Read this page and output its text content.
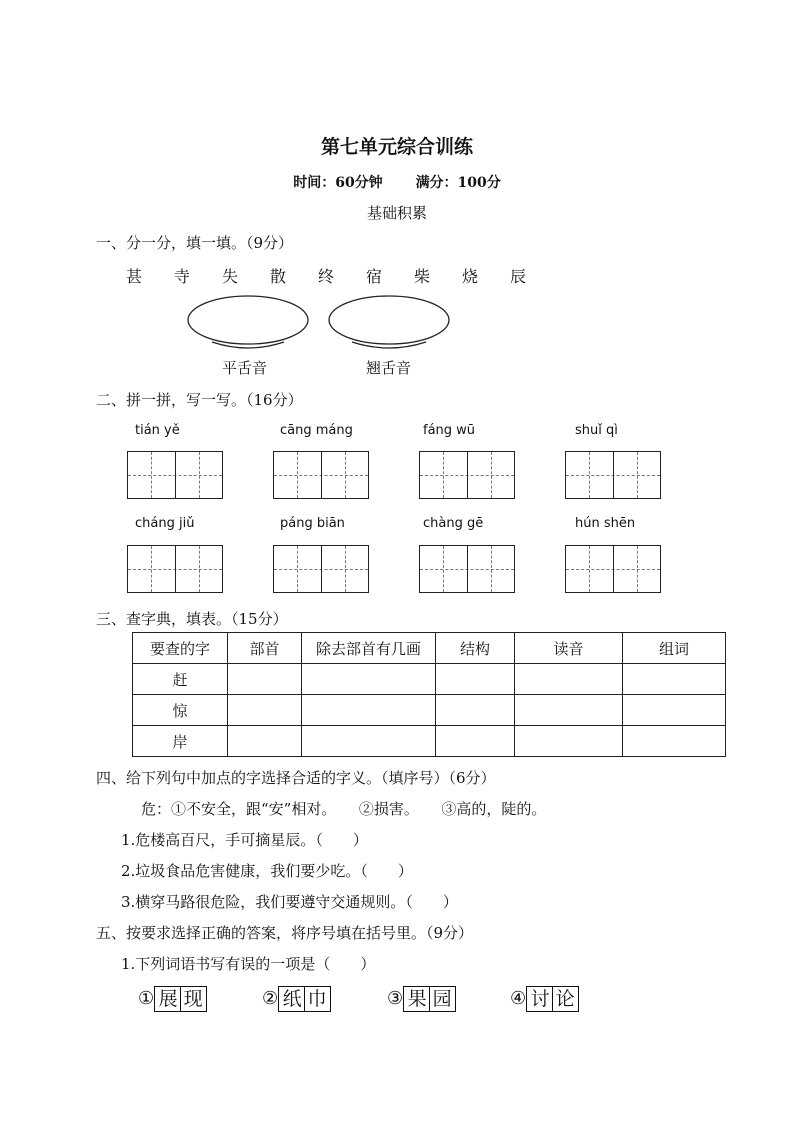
第七单元综合训练
时间：60分钟 满分：100分
基础积累
一、分一分，填一填。（9分）
甚 寺 失 散 终 宿 柴 烧 辰
平舌音	翘舌音
二、拼一拼，写一写。（16分）
tián yě	cāng máng	fáng wū	shuǐ qì
cháng jiǔ	páng biān	chàng gē	hún shēn
三、查字典，填表。（15分）
要查的字	部首	除去部首有几画	结构	读音	组词
赶					
惊					
岸					
四、给下列句中加点的字选择合适的字义。（填序号）（6分）
危：①不安全，跟“安”相对。　　②损害。　　③高的，陡的。
1.危楼高百尺，手可摘星辰。（　　）
2.垃圾食品危害健康，我们要少吃。（　　）
3.横穿马路很危险，我们要遵守交通规则。（　　）
五、按要求选择正确的答案，将序号填在括号里。（9分）
1.下列词语书写有误的一项是（　　）
① 展 现	② 纸 巾	③ 果 园	④ 讨 论
